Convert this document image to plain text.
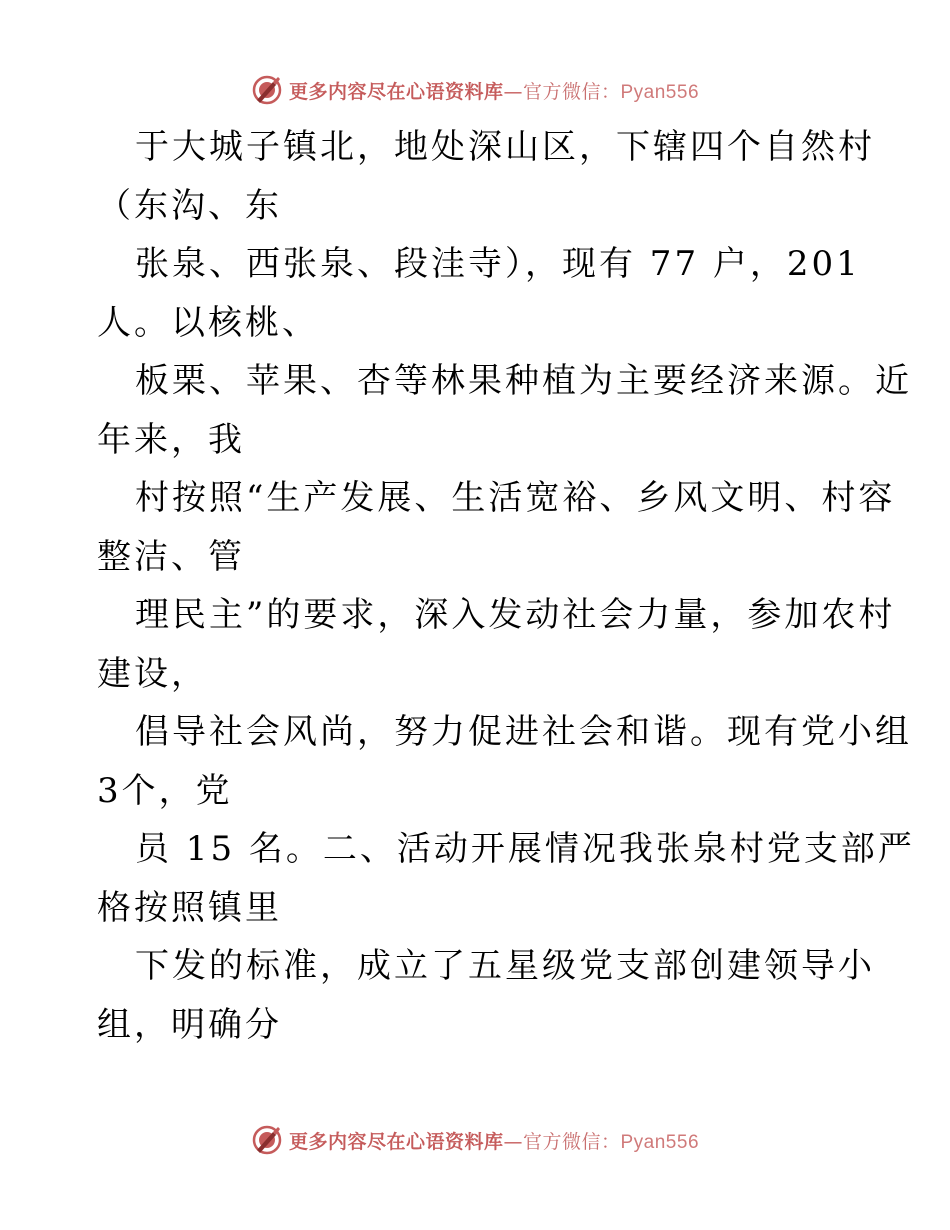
更多内容尽在心语资料库—官方微信：Pyan556
于大城子镇北，地处深山区，下辖四个自然村
（东沟、东
张泉、西张泉、段洼寺），现有 77 户，201
人。以核桃、
板栗、苹果、杏等林果种植为主要经济来源。近
年来，我
村按照“生产发展、生活宽裕、乡风文明、村容
整洁、管
理民主”的要求，深入发动社会力量，参加农村
建设，
倡导社会风尚，努力促进社会和谐。现有党小组
3个，党
员 15 名。二、活动开展情况我张泉村党支部严
格按照镇里
下发的标准，成立了五星级党支部创建领导小
组，明确分
更多内容尽在心语资料库—官方微信：Pyan556
